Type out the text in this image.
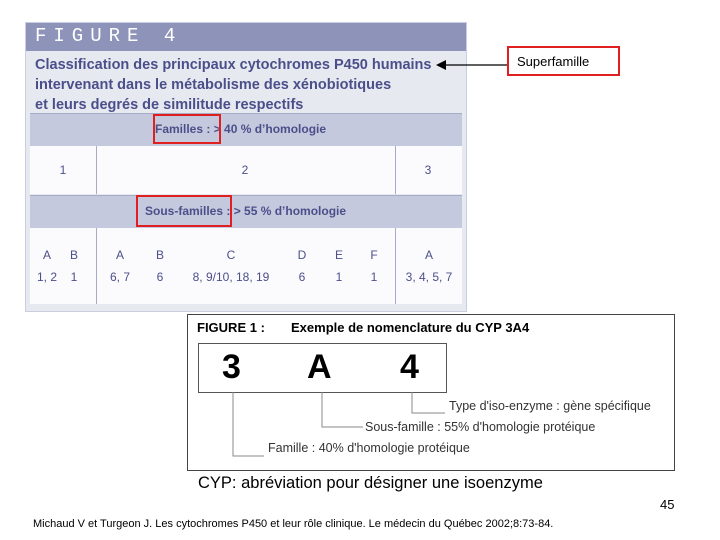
FIGURE 4
Classification des principaux cytochromes P450 humains
intervenant dans le métabolisme des xénobiotiques
et leurs degrés de similitude respectifs
Familles : > 40 % d’homologie
1	2	3
Sous-familles : > 55 % d’homologie
A
1, 2
B
1
A
6, 7
B
6
C
8, 9/10, 18, 19
D
6
E
1
F
1
A
3, 4, 5, 7
Superfamille
FIGURE 1 : Exemple de nomenclature du CYP 3A4
3 A 4
Type d'iso-enzyme : gène spécifique
Sous-famille : 55% d'homologie protéique
Famille : 40% d'homologie protéique
CYP: abréviation pour désigner une isoenzyme
45
Michaud V et Turgeon J. Les cytochromes P450 et leur rôle clinique. Le médecin du Québec 2002;8:73-84.
